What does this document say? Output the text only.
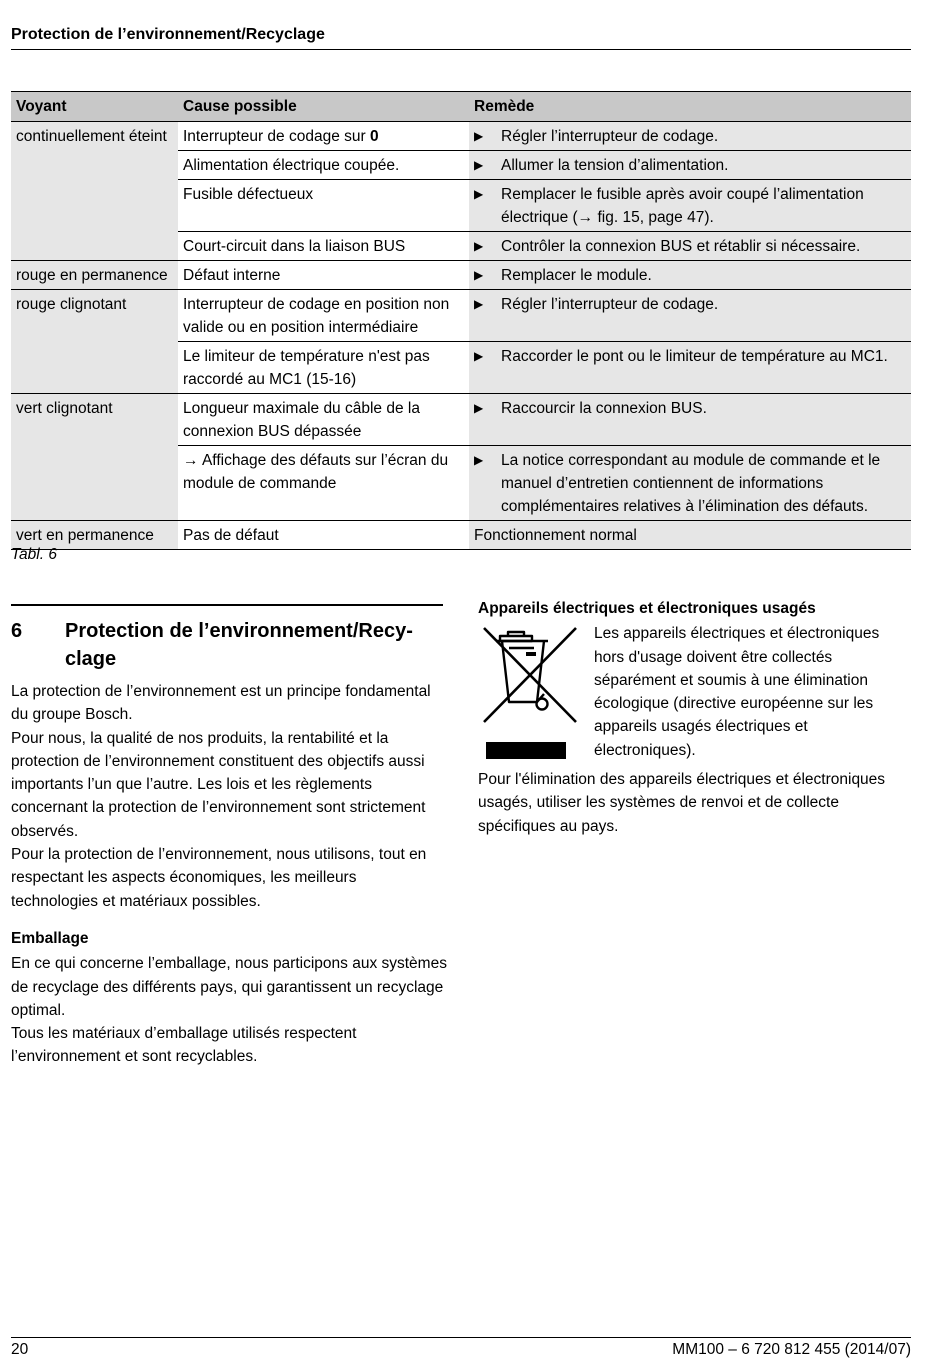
Protection de l’environnement/Recyclage
Voyant	Cause possible	Remède
continuellement éteint	Interrupteur de codage sur 0	▶ Régler l’interrupteur de codage.

	Alimentation électrique coupée.	▶ Allumer la tension d’alimentation.

	Fusible défectueux	▶ Remplacer le fusible après avoir coupé l’alimentation électrique (→ fig. 15, page 47).

	Court-circuit dans la liaison BUS	▶ Contrôler la connexion BUS et rétablir si nécessaire.

rouge en permanence	Défaut interne	▶ Remplacer le module.

rouge clignotant	Interrupteur de codage en position non valide ou en position intermédiaire	▶ Régler l’interrupteur de codage.

	Le limiteur de température n'est pas raccordé au MC1 (15-16)	▶ Raccorder le pont ou le limiteur de température au MC1.

vert clignotant	Longueur maximale du câble de la connexion BUS dépassée	▶ Raccourcir la connexion BUS.

	→ Affichage des défauts sur l’écran du module de commande	▶ La notice correspondant au module de commande et le manuel d’entretien contiennent de informations complémentaires relatives à l’élimination des défauts.

vert en permanence	Pas de défaut	Fonctionnement normal
Tabl. 6
6	Protection de l’environnement/Recy-clage

La protection de l’environnement est un principe fondamental du groupe Bosch.

Pour nous, la qualité de nos produits, la rentabilité et la protection de l’environnement constituent des objectifs aussi importants l’un que l’autre. Les lois et les règlements concernant la protection de l’environnement sont strictement observés.

Pour la protection de l’environnement, nous utilisons, tout en respectant les aspects économiques, les meilleurs technologies et matériaux possibles.

Emballage

En ce qui concerne l’emballage, nous participons aux systèmes de recyclage des différents pays, qui garantissent un recyclage optimal.

Tous les matériaux d’emballage utilisés respectent l’environnement et sont recyclables.

Appareils électriques et électroniques usagés

Les appareils électriques et électroniques hors d'usage doivent être collectés séparément et soumis à une élimination écologique (directive européenne sur les appareils usagés électriques et électroniques).

Pour l'élimination des appareils électriques et électroniques usagés, utiliser les systèmes de renvoi et de collecte spécifiques au pays.

20	MM100 – 6 720 812 455 (2014/07)
